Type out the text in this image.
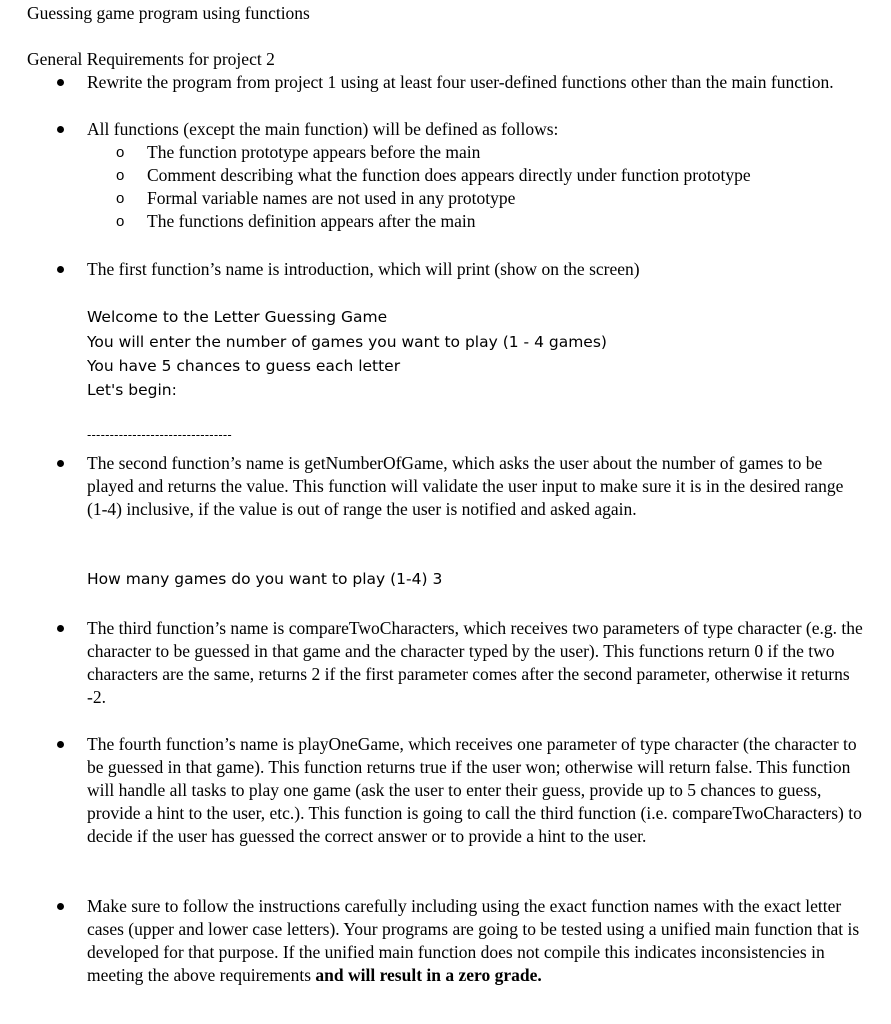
Guessing game program using functions
General Requirements for project 2
Rewrite the program from project 1 using at least four user-defined functions other than the main function.
All functions (except the main function) will be defined as follows:
o	The function prototype appears before the main
o	Comment describing what the function does appears directly under function prototype
o	Formal variable names are not used in any prototype
o	The functions definition appears after the main
The first function’s name is introduction, which will print (show on the screen)
Welcome to the Letter Guessing Game
You will enter the number of games you want to play (1 - 4 games)
You have 5 chances to guess each letter
Let's begin:
--------------------------------
The second function’s name is getNumberOfGame, which asks the user about the number of games to be played and returns the value. This function will validate the user input to make sure it is in the desired range (1-4) inclusive, if the value is out of range the user is notified and asked again.
How many games do you want to play (1-4) 3
The third function’s name is compareTwoCharacters, which receives two parameters of type character (e.g. the character to be guessed in that game and the character typed by the user). This functions return 0 if the two characters are the same, returns 2 if the first parameter comes after the second parameter, otherwise it returns -2.
The fourth function’s name is playOneGame, which receives one parameter of type character (the character to be guessed in that game). This function returns true if the user won; otherwise will return false. This function will handle all tasks to play one game (ask the user to enter their guess, provide up to 5 chances to guess, provide a hint to the user, etc.). This function is going to call the third function (i.e. compareTwoCharacters) to decide if the user has guessed the correct answer or to provide a hint to the user.
Make sure to follow the instructions carefully including using the exact function names with the exact letter cases (upper and lower case letters). Your programs are going to be tested using a unified main function that is developed for that purpose. If the unified main function does not compile this indicates inconsistencies in meeting the above requirements and will result in a zero grade.
